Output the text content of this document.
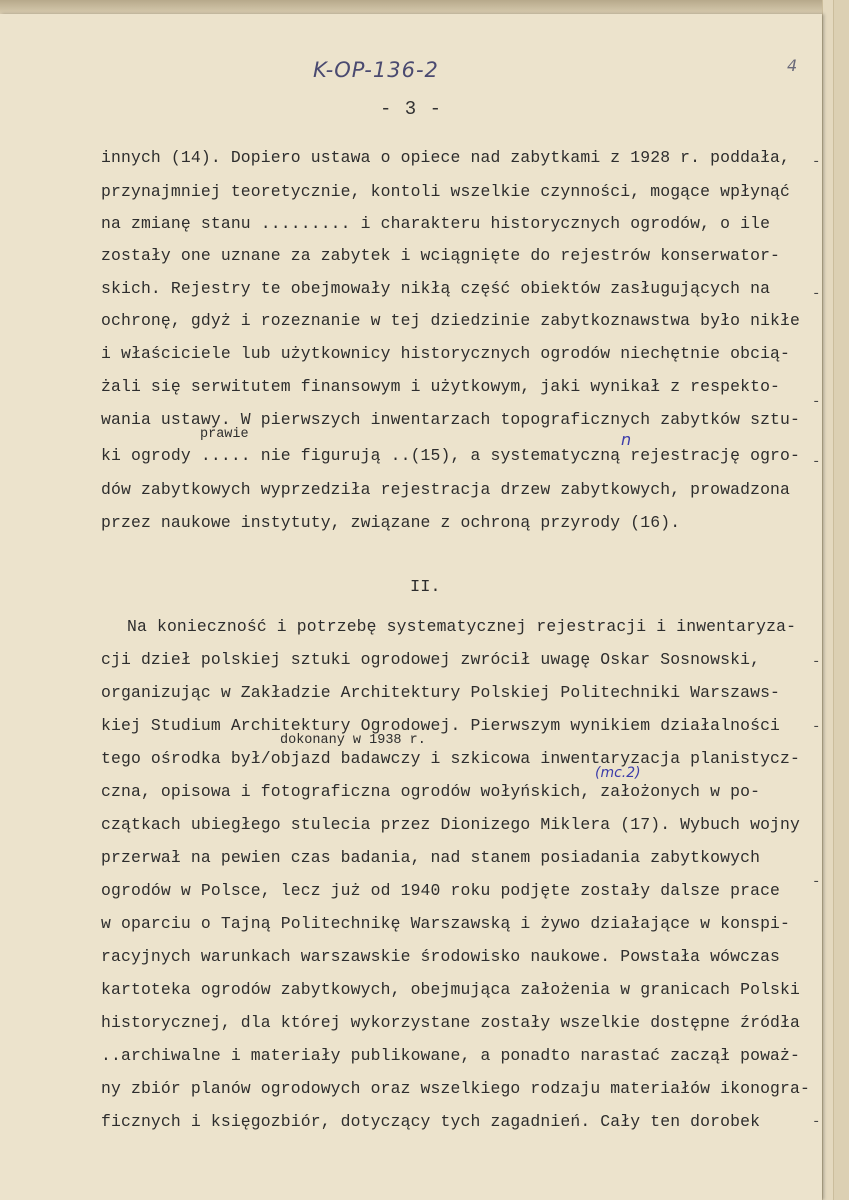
K-OP-136-2	4
- 3 -
innych (14). Dopiero ustawa o opiece nad zabytkami z 1928 r. poddała,
przynajmniej teoretycznie, kontoli wszelkie czynności, mogące wpłynąć
na zmianę stanu ......... i charakteru historycznych ogrodów, o ile
zostały one uznane za zabytek i wciągnięte do rejestrów konserwator-
skich. Rejestry te obejmowały nikłą część obiektów zasługujących na
ochronę, gdyż i rozeznanie w tej dziedzinie zabytkoznawstwa było nikłe
i właściciele lub użytkownicy historycznych ogrodów niechętnie obcią-
żali się serwitutem finansowym i użytkowym, jaki wynikał z respekto-
wania ustawy. W pierwszych inwentarzach topograficznych zabytków sztu-
prawie
ki ogrody ..... nie figurują ..(15), a systematyczną rejestrację ogro-
n
dów zabytkowych wyprzedziła rejestracja drzew zabytkowych, prowadzona
przez naukowe instytuty, związane z ochroną przyrody (16).
II.
Na konieczność i potrzebę systematycznej rejestracji i inwentaryza-
cji dzieł polskiej sztuki ogrodowej zwrócił uwagę Oskar Sosnowski,
organizując w Zakładzie Architektury Polskiej Politechniki Warszaws-
kiej Studium Architektury Ogrodowej. Pierwszym wynikiem działalności
dokonany w 1938 r.
tego ośrodka był/objazd badawczy i szkicowa inwentaryzacja planistycz-
(mc.2)
czna, opisowa i fotograficzna ogrodów wołyńskich, założonych w po-
czątkach ubiegłego stulecia przez Dionizego Miklera (17). Wybuch wojny
przerwał na pewien czas badania, nad stanem posiadania zabytkowych
ogrodów w Polsce, lecz już od 1940 roku podjęte zostały dalsze prace
w oparciu o Tajną Politechnikę Warszawską i żywo działające w konspi-
racyjnych warunkach warszawskie środowisko naukowe. Powstała wówczas
kartoteka ogrodów zabytkowych, obejmująca założenia w granicach Polski
historycznej, dla której wykorzystane zostały wszelkie dostępne źródła
..archiwalne i materiały publikowane, a ponadto narastać zaczął poważ-
ny zbiór planów ogrodowych oraz wszelkiego rodzaju materiałów ikonogra-
ficznych i księgozbiór, dotyczący tych zagadnień. Cały ten dorobek
-
-
-
-
-
-
-
-
